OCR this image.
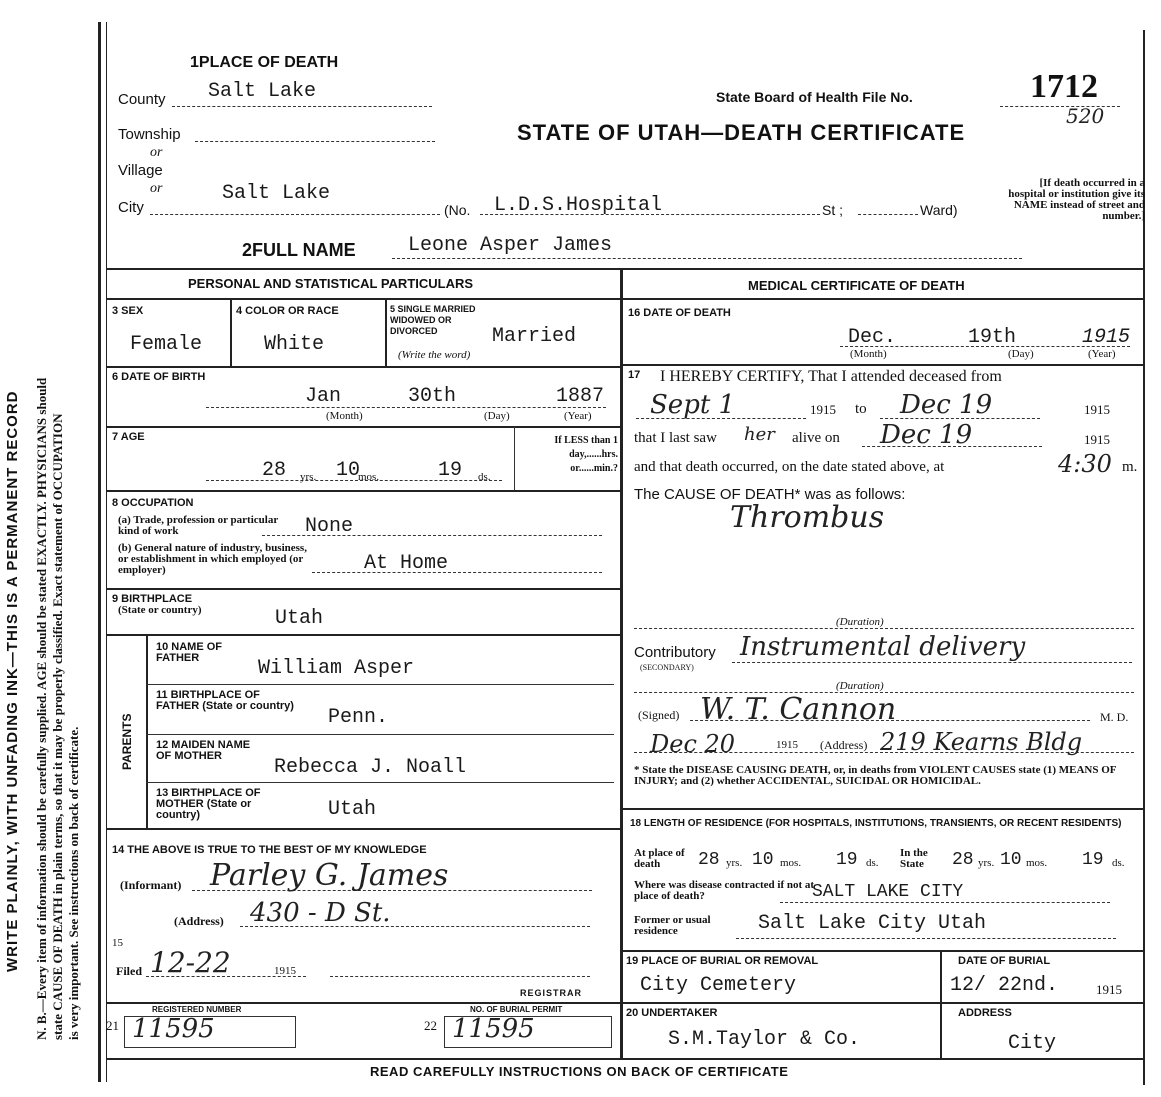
WRITE PLAINLY, WITH UNFADING INK—THIS IS A PERMANENT RECORD N. B.—Every item of information should be carefully supplied. AGE should be stated EXACTLY. PHYSICIANS should state CAUSE OF DEATH in plain terms, so that it may be properly classified. Exact statement of OCCUPATION is very important. See instructions on back of certificate.
1PLACE OF DEATH
STATE OF UTAH—DEATH CERTIFICATE
State Board of Health File No.	1712
520
[If death occurred in a hospital or institution give its NAME instead of street and number.]
County Salt Lake
Township
or
Village
or	Salt Lake
City	(No. L.D.S.Hospital	St ;	Ward)
2FULL NAME	Leone Asper James
PERSONAL AND STATISTICAL PARTICULARS
3 SEX
Female
4 COLOR OR RACE
White
5 SINGLE MARRIED WIDOWED OR DIVORCED
(Write the word)
Married
6 DATE OF BIRTH
Jan	30th	1887
(Month)	(Day)	(Year)
7 AGE
28 yrs. 10
mos.	19 ds.
If LESS than 1 day,......hrs. or......min.?
8 OCCUPATION
(a) Trade, profession or particular kind of work	None
(b) General nature of industry, business, or establishment in which employed (or employer)	At Home
9 BIRTHPLACE
(State or country)	Utah
PARENTS
10 NAME OF FATHER	William Asper
11 BIRTHPLACE OF FATHER (State or country) Penn.
12 MAIDEN NAME OF MOTHER	Rebecca J. Noall
13 BIRTHPLACE OF MOTHER (State or country)	Utah
14 THE ABOVE IS TRUE TO THE BEST OF MY KNOWLEDGE
(Informant) Parley G. James
(Address) 430 - D St.
15
Filed 12-22	1915
REGISTRAR
REGISTERED NUMBER
21 11595
NO. OF BURIAL PERMIT
22 11595
MEDICAL CERTIFICATE OF DEATH
16 DATE OF DEATH
Dec.	19th	1915
(Month)	(Day)	(Year)
17 I HEREBY CERTIFY, That I attended deceased from
Sept 1	1915 to Dec 19	1915
that I last saw her alive on Dec 19	1915
and that death occurred, on the date stated above, at	4:30 m.
The CAUSE OF DEATH* was as follows:
Thrombus
(Duration)
Contributory
(SECONDARY)
Instrumental delivery
(Duration)
(Signed) W. T. Cannon	M. D.
Dec 20	1915 (Address) 219 Kearns Bldg
* State the DISEASE CAUSING DEATH, or, in deaths from VIOLENT CAUSES state (1) MEANS OF INJURY; and (2) whether ACCIDENTAL, SUICIDAL OR HOMICIDAL.
18 LENGTH OF RESIDENCE (FOR HOSPITALS, INSTITUTIONS, TRANSIENTS, OR RECENT RESIDENTS)
At place of death	28 yrs. 10 mos. 19 ds.
In the State	28 yrs. 10 mos. 19 ds.
Where was disease contracted if not at place of death?	SALT LAKE CITY
Former or usual residence	Salt Lake City Utah
19 PLACE OF BURIAL OR REMOVAL
City Cemetery
DATE OF BURIAL
12/ 22nd.	1915
20 UNDERTAKER
S.M.Taylor & Co.
ADDRESS
City
READ CAREFULLY INSTRUCTIONS ON BACK OF CERTIFICATE
